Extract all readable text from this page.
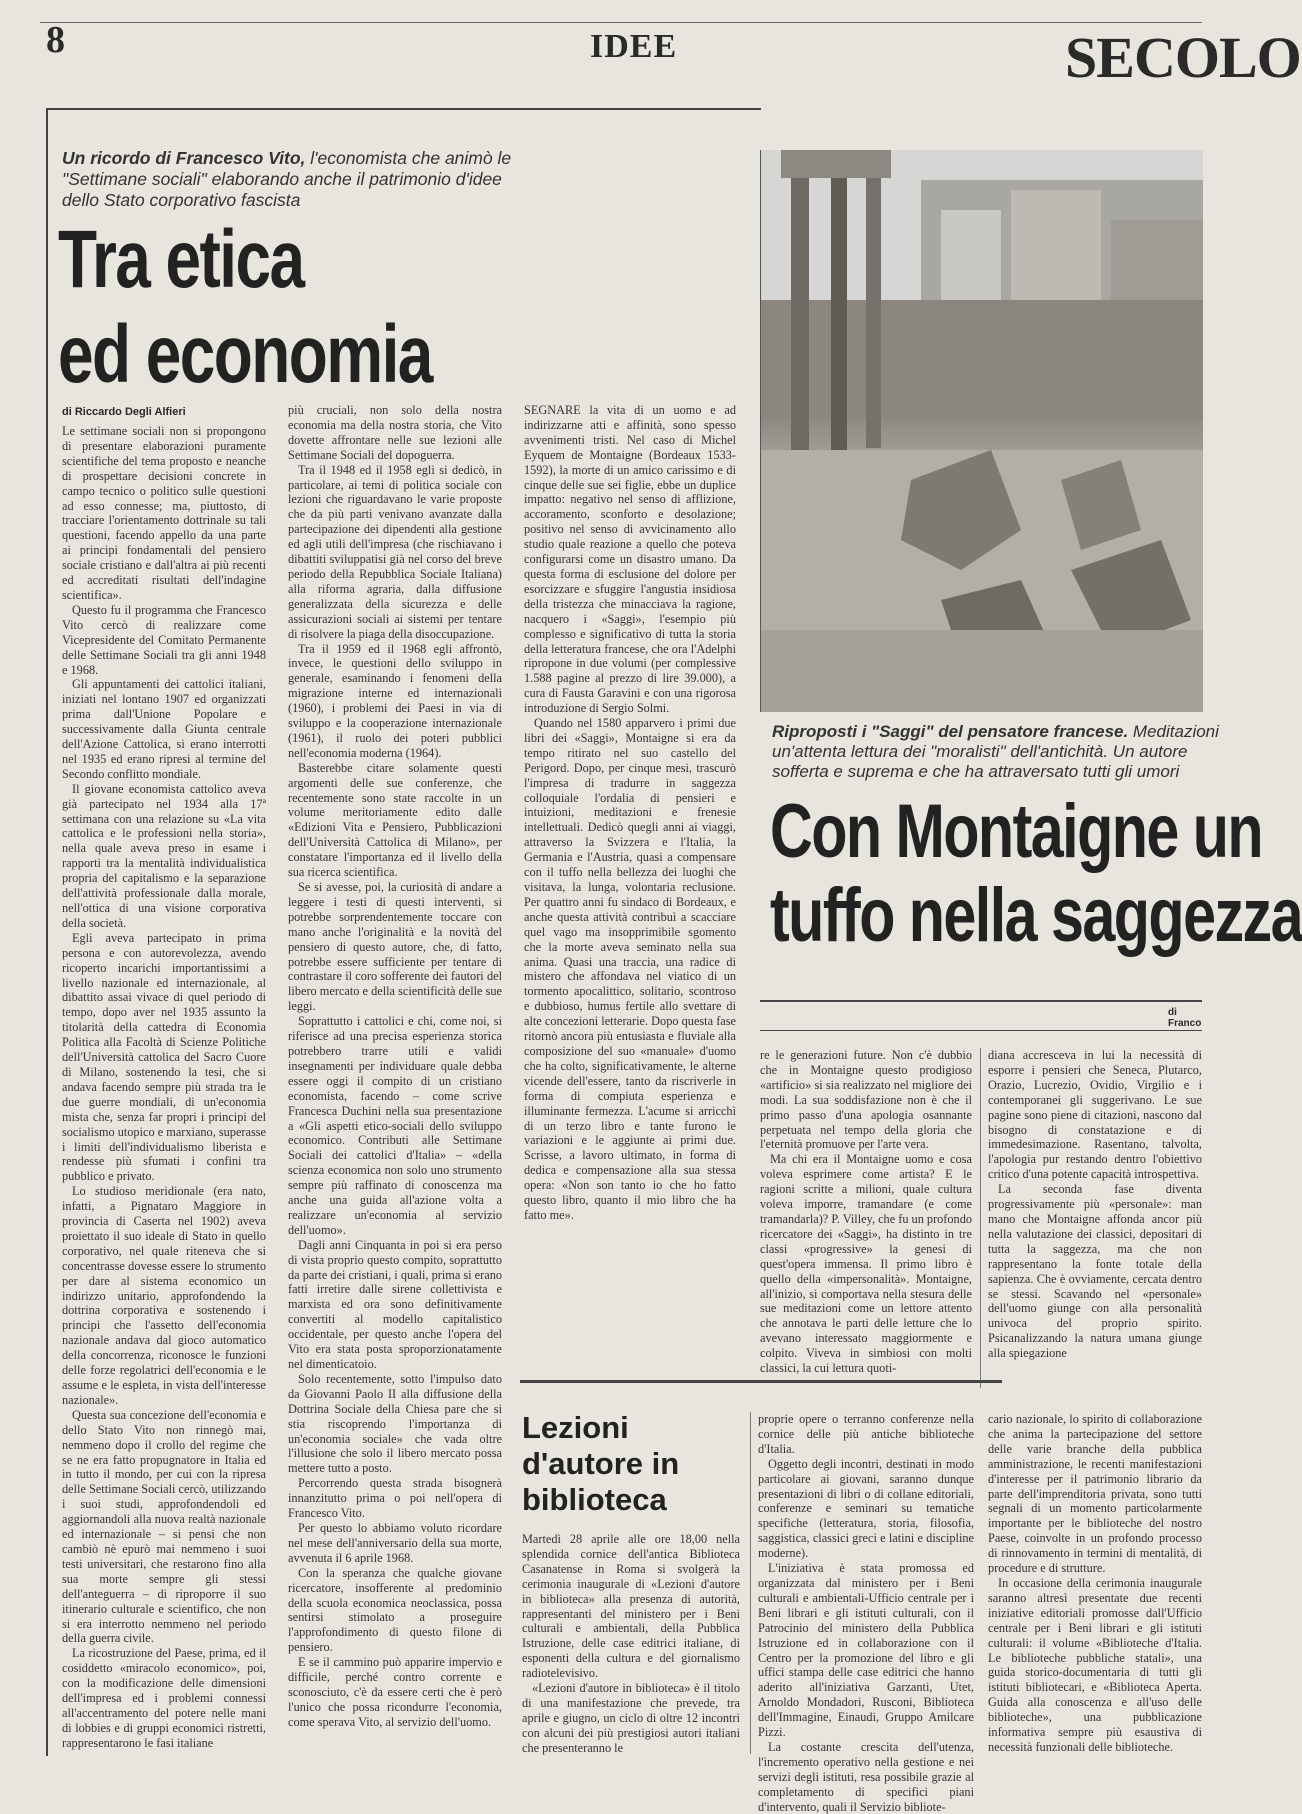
8	IDEE	SECOLO
Un ricordo di Francesco Vito, l'economista che animò le "Settimane sociali" elaborando anche il patrimonio d'idee dello Stato corporativo fascista
Tra etica
ed economia
di Riccardo Degli Alfieri

Le settimane sociali non si propongono di presentare elaborazioni puramente scientifiche del tema proposto e neanche di prospettare decisioni concrete in campo tecnico o politico sulle questioni ad esso connesse; ma, piuttosto, di tracciare l'orientamento dottrinale su tali questioni, facendo appello da una parte ai principi fondamentali del pensiero sociale cristiano e dall'altra ai più recenti ed accreditati risultati dell'indagine scientifica».

Questo fu il programma che Francesco Vito cercò di realizzare come Vicepresidente del Comitato Permanente delle Settimane Sociali tra gli anni 1948 e 1968.

Gli appuntamenti dei cattolici italiani, iniziati nel lontano 1907 ed organizzati prima dall'Unione Popolare e successivamente dalla Giunta centrale dell'Azione Cattolica, si erano interrotti nel 1935 ed erano ripresi al termine del Secondo conflitto mondiale.

Il giovane economista cattolico aveva già partecipato nel 1934 alla 17ª settimana con una relazione su «La vita cattolica e le professioni nella storia», nella quale aveva preso in esame i rapporti tra la mentalità individualistica propria del capitalismo e la separazione dell'attività professionale dalla morale, nell'ottica di una visione corporativa della società.

Egli aveva partecipato in prima persona e con autorevolezza, avendo ricoperto incarichi importantissimi a livello nazionale ed internazionale, al dibattito assai vivace di quel periodo di tempo, dopo aver nel 1935 assunto la titolarità della cattedra di Economia Politica alla Facoltà di Scienze Politiche dell'Università cattolica del Sacro Cuore di Milano, sostenendo la tesi, che si andava facendo sempre più strada tra le due guerre mondiali, di un'economia mista che, senza far propri i principi del socialismo utopico e marxiano, superasse i limiti dell'individualismo liberista e rendesse più sfumati i confini tra pubblico e privato.

Lo studioso meridionale (era nato, infatti, a Pignataro Maggiore in provincia di Caserta nel 1902) aveva proiettato il suo ideale di Stato in quello corporativo, nel quale riteneva che si concentrasse dovesse essere lo strumento per dare al sistema economico un indirizzo unitario, approfondendo la dottrina corporativa e sostenendo i principi che l'assetto dell'economia nazionale andava dal gioco automatico della concorrenza, riconosce le funzioni delle forze regolatrici dell'economia e le assume e le espleta, in vista dell'interesse nazionale».

Questa sua concezione dell'economia e dello Stato Vito non rinnegò mai, nemmeno dopo il crollo del regime che se ne era fatto propugnatore in Italia ed in tutto il mondo, per cui con la ripresa delle Settimane Sociali cercò, utilizzando i suoi studi, approfondendoli ed aggiornandoli alla nuova realtà nazionale ed internazionale – si pensi che non cambiò nè epurò mai nemmeno i suoi testi universitari, che restarono fino alla sua morte sempre gli stessi dell'anteguerra – di riproporre il suo itinerario culturale e scientifico, che non si era interrotto nemmeno nel periodo della guerra civile.

La ricostruzione del Paese, prima, ed il cosiddetto «miracolo economico», poi, con la modificazione delle dimensioni dell'impresa ed i problemi connessi all'accentramento del potere nelle mani di lobbies e di gruppi economici ristretti, rappresentarono le fasi italiane

più cruciali, non solo della nostra economia ma della nostra storia, che Vito dovette affrontare nelle sue lezioni alle Settimane Sociali del dopoguerra.

Tra il 1948 ed il 1958 egli si dedicò, in particolare, ai temi di politica sociale con lezioni che riguardavano le varie proposte che da più parti venivano avanzate dalla partecipazione dei dipendenti alla gestione ed agli utili dell'impresa (che rischiavano i dibattiti sviluppatisi già nel corso del breve periodo della Repubblica Sociale Italiana) alla riforma agraria, dalla diffusione generalizzata della sicurezza e delle assicurazioni sociali ai sistemi per tentare di risolvere la piaga della disoccupazione.

Tra il 1959 ed il 1968 egli affrontò, invece, le questioni dello sviluppo in generale, esaminando i fenomeni della migrazione interne ed internazionali (1960), i problemi dei Paesi in via di sviluppo e la cooperazione internazionale (1961), il ruolo dei poteri pubblici nell'economia moderna (1964).

Basterebbe citare solamente questi argomenti delle sue conferenze, che recentemente sono state raccolte in un volume meritoriamente edito dalle «Edizioni Vita e Pensiero, Pubblicazioni dell'Università Cattolica di Milano», per constatare l'importanza ed il livello della sua ricerca scientifica.

Se si avesse, poi, la curiosità di andare a leggere i testi di questi interventi, si potrebbe sorprendentemente toccare con mano anche l'originalità e la novità del pensiero di questo autore, che, di fatto, potrebbe essere sufficiente per tentare di contrastare il coro sofferente dei fautori del libero mercato e della scientificità delle sue leggi.

Soprattutto i cattolici e chi, come noi, si riferisce ad una precisa esperienza storica potrebbero trarre utili e validi insegnamenti per individuare quale debba essere oggi il compito di un cristiano economista, facendo – come scrive Francesca Duchini nella sua presentazione a «Gli aspetti etico-sociali dello sviluppo economico. Contributi alle Settimane Sociali dei cattolici d'Italia» – «della scienza economica non solo uno strumento sempre più raffinato di conoscenza ma anche una guida all'azione volta a realizzare un'economia al servizio dell'uomo».

Dagli anni Cinquanta in poi si era perso di vista proprio questo compito, soprattutto da parte dei cristiani, i quali, prima si erano fatti irretire dalle sirene collettivista e marxista ed ora sono definitivamente convertiti al modello capitalistico occidentale, per questo anche l'opera del Vito era stata posta sproporzionatamente nel dimenticatoio.

Solo recentemente, sotto l'impulso dato da Giovanni Paolo II alla diffusione della Dottrina Sociale della Chiesa pare che si stia riscoprendo l'importanza di un'economia sociale» che vada oltre l'illusione che solo il libero mercato possa mettere tutto a posto.

Percorrendo questa strada bisognerà innanzitutto prima o poi nell'opera di Francesco Vito.

Per questo lo abbiamo voluto ricordare nel mese dell'anniversario della sua morte, avvenuta il 6 aprile 1968.

Con la speranza che qualche giovane ricercatore, insofferente al predominio della scuola economica neoclassica, possa sentirsi stimolato a proseguire l'approfondimento di questo filone di pensiero.

E se il cammino può apparire impervio e difficile, perché contro corrente e sconosciuto, c'è da essere certi che è però l'unico che possa ricondurre l'economia, come sperava Vito, al servizio dell'uomo.

SEGNARE la vita di un uomo e ad indirizzarne atti e affinità, sono spesso avvenimenti tristi. Nel caso di Michel Eyquem de Montaigne (Bordeaux 1533-1592), la morte di un amico carissimo e di cinque delle sue sei figlie, ebbe un duplice impatto: negativo nel senso di afflizione, accoramento, sconforto e desolazione; positivo nel senso di avvicinamento allo studio quale reazione a quello che poteva configurarsi come un disastro umano. Da questa forma di esclusione del dolore per esorcizzare e sfuggire l'angustia insidiosa della tristezza che minacciava la ragione, nacquero i «Saggi», l'esempio più complesso e significativo di tutta la storia della letteratura francese, che ora l'Adelphi ripropone in due volumi (per complessive 1.588 pagine al prezzo di lire 39.000), a cura di Fausta Garavini e con una rigorosa introduzione di Sergio Solmi.

Quando nel 1580 apparvero i primi due libri dei «Saggi», Montaigne si era da tempo ritirato nel suo castello del Perigord. Dopo, per cinque mesi, trascurò l'impresa di tradurre in saggezza colloquiale l'ordalia di pensieri e intuizioni, meditazioni e frenesie intellettuali. Dedicò quegli anni ai viaggi, attraverso la Svizzera e l'Italia, la Germania e l'Austria, quasi a compensare con il tuffo nella bellezza dei luoghi che visitava, la lunga, volontaria reclusione. Per quattro anni fu sindaco di Bordeaux, e anche questa attività contribuì a scacciare quel vago ma insopprimibile sgomento che la morte aveva seminato nella sua anima. Quasi una traccia, una radice di mistero che affondava nel viatico di un tormento apocalittico, solitario, scontroso e dubbioso, humus fertile allo svettare di alte concezioni letterarie. Dopo questa fase ritornò ancora più entusiasta e fluviale alla composizione del suo «manuale» d'uomo che ha colto, significativamente, le alterne vicende dell'essere, tanto da riscriverle in forma di compiuta esperienza e illuminante fermezza. L'acume si arricchì di un terzo libro e tante furono le variazioni e le aggiunte ai primi due. Scrisse, a lavoro ultimato, in forma di dedica e compensazione alla sua stessa opera: «Non son tanto io che ho fatto questo libro, quanto il mio libro che ha fatto me».

Riproposti i "Saggi" del pensatore francese. Meditazioni
un'attenta lettura dei "moralisti" dell'antichità. Un autore
sofferta e suprema e che ha attraversato tutti gli umori
Con Montaigne un
tuffo nella saggezza
di Franco

re le generazioni future. Non c'è dubbio che in Montaigne questo prodigioso «artificio» si sia realizzato nel migliore dei modi. La sua soddisfazione non è che il primo passo d'una apologia osannante perpetuata nel tempo della gloria che l'eternità promuove per l'arte vera.

Ma chi era il Montaigne uomo e cosa voleva esprimere come artista? E le ragioni scritte a milioni, quale cultura voleva imporre, tramandare (e come tramandarla)? P. Villey, che fu un profondo ricercatore dei «Saggi», ha distinto in tre classi «progressive» la genesi di quest'opera immensa. Il primo libro è quello della «impersonalità». Montaigne, all'inizio, si comportava nella stesura delle sue meditazioni come un lettore attento che annotava le parti delle letture che lo avevano interessato maggiormente e colpito. Viveva in simbiosi con molti classici, la cui lettura quoti-

diana accresceva in lui la necessità di esporre i pensieri che Seneca, Plutarco, Orazio, Lucrezio, Ovidio, Virgilio e i contemporanei gli suggerivano. Le sue pagine sono piene di citazioni, nascono dal bisogno di constatazione e di immedesimazione. Rasentano, talvolta, l'apologia pur restando dentro l'obiettivo critico d'una potente capacità introspettiva.

La seconda fase diventa progressivamente più «personale»: man mano che Montaigne affonda ancor più nella valutazione dei classici, depositari di tutta la saggezza, ma che non rappresentano la fonte totale della sapienza. Che è ovviamente, cercata dentro se stessi. Scavando nel «personale» dell'uomo giunge con alla personalità univoca del proprio spirito. Psicanalizzando la natura umana giunge alla spiegazione

Lezioni
d'autore in
biblioteca

Martedì 28 aprile alle ore 18,00 nella splendida cornice dell'antica Biblioteca Casanatense in Roma si svolgerà la cerimonia inaugurale di «Lezioni d'autore in biblioteca» alla presenza di autorità, rappresentanti del ministero per i Beni culturali e ambientali, della Pubblica Istruzione, delle case editrici italiane, di esponenti della cultura e del giornalismo radiotelevisivo.

«Lezioni d'autore in biblioteca» è il titolo di una manifestazione che prevede, tra aprile e giugno, un ciclo di oltre 12 incontri con alcuni dei più prestigiosi autori italiani che presenteranno le

proprie opere o terranno conferenze nella cornice delle più antiche biblioteche d'Italia.

Oggetto degli incontri, destinati in modo particolare ai giovani, saranno dunque presentazioni di libri o di collane editoriali, conferenze e seminari su tematiche specifiche (letteratura, storia, filosofia, saggistica, classici greci e latini e discipline moderne).

L'iniziativa è stata promossa ed organizzata dal ministero per i Beni culturali e ambientali-Ufficio centrale per i Beni librari e gli istituti culturali, con il Patrocinio del ministero della Pubblica Istruzione ed in collaborazione con il Centro per la promozione del libro e gli uffici stampa delle case editrici che hanno aderito all'iniziativa Garzanti, Utet, Arnoldo Mondadori, Rusconi, Biblioteca dell'Immagine, Einaudi, Gruppo Amilcare Pizzi.

La costante crescita dell'utenza, l'incremento operativo nella gestione e nei servizi degli istituti, resa possibile grazie al completamento di specifici piani d'intervento, quali il Servizio bibliote-

cario nazionale, lo spirito di collaborazione che anima la partecipazione del settore delle varie branche della pubblica amministrazione, le recenti manifestazioni d'interesse per il patrimonio librario da parte dell'imprenditoria privata, sono tutti segnali di un momento particolarmente importante per le biblioteche del nostro Paese, coinvolte in un profondo processo di rinnovamento in termini di mentalità, di procedure e di strutture.

In occasione della cerimonia inaugurale saranno altresì presentate due recenti iniziative editoriali promosse dall'Ufficio centrale per i Beni librari e gli istituti culturali: il volume «Biblioteche d'Italia. Le biblioteche pubbliche statali», una guida storico-documentaria di tutti gli istituti bibliotecari, e «Biblioteca Aperta. Guida alla conoscenza e all'uso delle biblioteche», una pubblicazione informativa sempre più esaustiva di necessità funzionali delle biblioteche.
